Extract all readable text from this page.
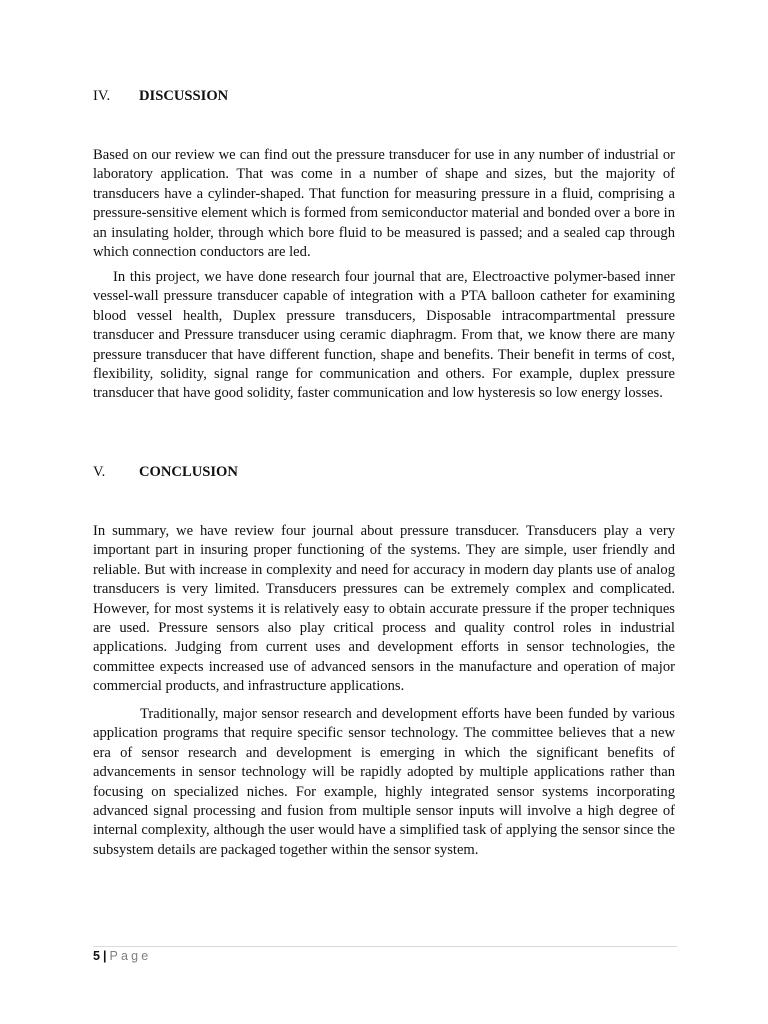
IV. DISCUSSION

Based on our review we can find out the pressure transducer for use in any number of industrial or laboratory application. That was come in a number of shape and sizes, but the majority of transducers have a cylinder-shaped. That function for measuring pressure in a fluid, comprising a pressure-sensitive element which is formed from semiconductor material and bonded over a bore in an insulating holder, through which bore fluid to be measured is passed; and a sealed cap through which connection conductors are led.

In this project, we have done research four journal that are, Electroactive polymer-based inner vessel-wall pressure transducer capable of integration with a PTA balloon catheter for examining blood vessel health, Duplex pressure transducers, Disposable intracompartmental pressure transducer and Pressure transducer using ceramic diaphragm. From that, we know there are many pressure transducer that have different function, shape and benefits. Their benefit in terms of cost, flexibility, solidity, signal range for communication and others. For example, duplex pressure transducer that have good solidity, faster communication and low hysteresis so low energy losses.

V. CONCLUSION

In summary, we have review four journal about pressure transducer. Transducers play a very important part in insuring proper functioning of the systems. They are simple, user friendly and reliable. But with increase in complexity and need for accuracy in modern day plants use of analog transducers is very limited. Transducers pressures can be extremely complex and complicated. However, for most systems it is relatively easy to obtain accurate pressure if the proper techniques are used. Pressure sensors also play critical process and quality control roles in industrial applications. Judging from current uses and development efforts in sensor technologies, the committee expects increased use of advanced sensors in the manufacture and operation of major commercial products, and infrastructure applications.

Traditionally, major sensor research and development efforts have been funded by various application programs that require specific sensor technology. The committee believes that a new era of sensor research and development is emerging in which the significant benefits of advancements in sensor technology will be rapidly adopted by multiple applications rather than focusing on specialized niches. For example, highly integrated sensor systems incorporating advanced signal processing and fusion from multiple sensor inputs will involve a high degree of internal complexity, although the user would have a simplified task of applying the sensor since the subsystem details are packaged together within the sensor system.

5 | Page
